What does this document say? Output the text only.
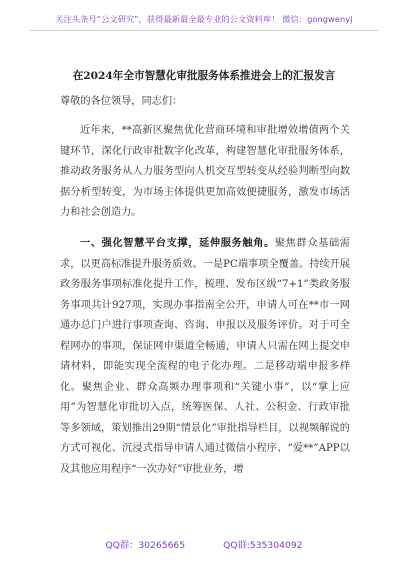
关注头条号“公文研究”，获得最新最全最专业的公文资料库！ 微信：gongwenyj
在2024年全市智慧化审批服务体系推进会上的汇报发言
尊敬的各位领导，同志们：
近年来，**高新区聚焦优化营商环境和审批增效增值两个关键环节，深化行政审批数字化改革，构建智慧化审批服务体系，推动政务服务从人力服务型向人机交互型转变从经验判断型向数据分析型转变，为市场主体提供更加高效便捷服务，激发市场活力和社会创造力。
一、强化智慧平台支撑，延伸服务触角。聚焦群众基础需求，以更高标准提升服务质效。一是PC端事项全覆盖。持续开展政务服务事项标准化提升工作，梳理、发布区级“7+1”类政务服务事项共计927项，实现办事指南全公开，申请人可在**市一网通办总门户进行事项查询、咨询、申报以及服务评价。对于可全程网办的事项，保证网申渠道全畅通，申请人只需在网上提交申请材料，即能实现全流程的电子化办理。二是移动端申报多样化。聚焦企业、群众高频办理事项和“关键小事”，以“掌上应用”为智慧化审批切入点，统筹医保、人社、公积金、行政审批等多领域，策划推出29期“情景化”审批指导栏目，以视频解说的方式可视化、沉浸式指导申请人通过微信小程序、“爱**”APP以及其他应用程序“一次办好”审批业务，增
QQ群：30265665	QQ群:535304092
